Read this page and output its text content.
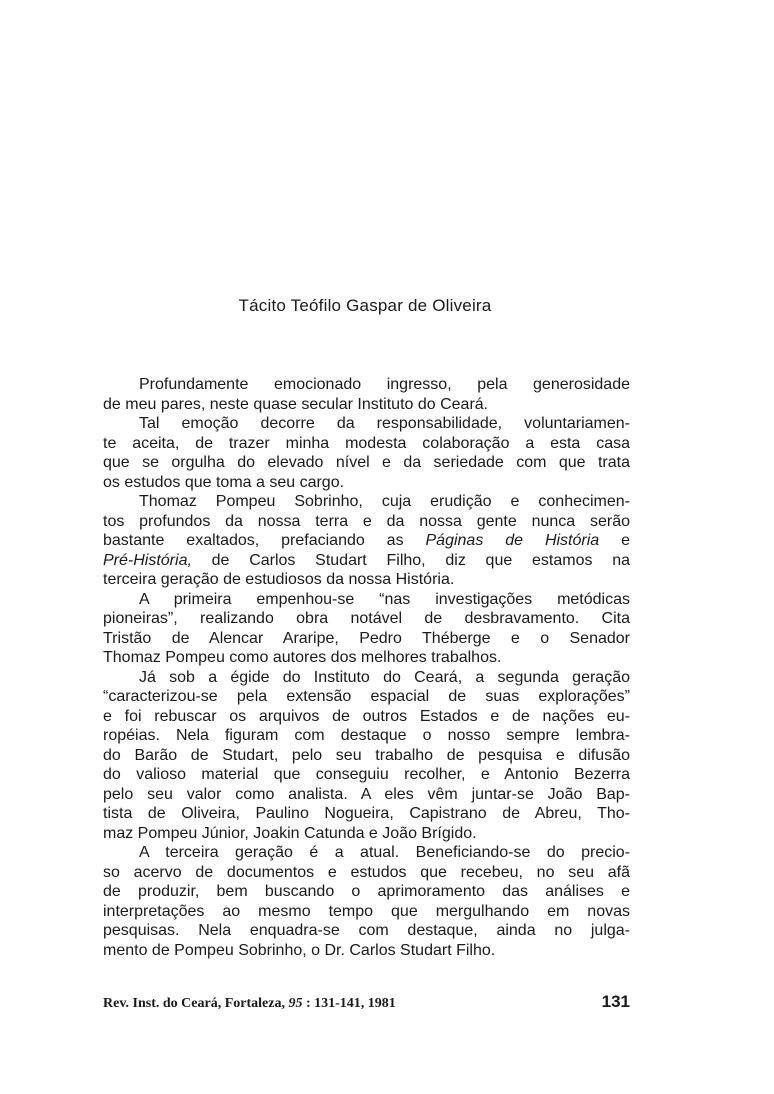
Tácito Teófilo Gaspar de Oliveira
Profundamente emocionado ingresso, pela generosidade
de meu pares, neste quase secular Instituto do Ceará.
Tal emoção decorre da responsabilidade, voluntariamen-
te aceita, de trazer minha modesta colaboração a esta casa
que se orgulha do elevado nível e da seriedade com que trata
os estudos que toma a seu cargo.
Thomaz Pompeu Sobrinho, cuja erudição e conhecimen-
tos profundos da nossa terra e da nossa gente nunca serão
bastante exaltados, prefaciando as Páginas de História e
Pré-História, de Carlos Studart Filho, diz que estamos na
terceira geração de estudiosos da nossa História.
A primeira empenhou-se “nas investigações metódicas
pioneiras”, realizando obra notável de desbravamento. Cita
Tristão de Alencar Araripe, Pedro Théberge e o Senador
Thomaz Pompeu como autores dos melhores trabalhos.
Já sob a égide do Instituto do Ceará, a segunda geração
“caracterizou-se pela extensão espacial de suas explorações”
e foi rebuscar os arquivos de outros Estados e de nações eu-
ropéias. Nela figuram com destaque o nosso sempre lembra-
do Barão de Studart, pelo seu trabalho de pesquisa e difusão
do valioso material que conseguiu recolher, e Antonio Bezerra
pelo seu valor como analista. A eles vêm juntar-se João Bap-
tista de Oliveira, Paulino Nogueira, Capistrano de Abreu, Tho-
maz Pompeu Júnior, Joakin Catunda e João Brígido.
A terceira geração é a atual. Beneficiando-se do precio-
so acervo de documentos e estudos que recebeu, no seu afã
de produzir, bem buscando o aprimoramento das análises e
interpretações ao mesmo tempo que mergulhando em novas
pesquisas. Nela enquadra-se com destaque, ainda no julga-
mento de Pompeu Sobrinho, o Dr. Carlos Studart Filho.
Rev. Inst. do Ceará, Fortaleza, 95 : 131-141, 1981	131
